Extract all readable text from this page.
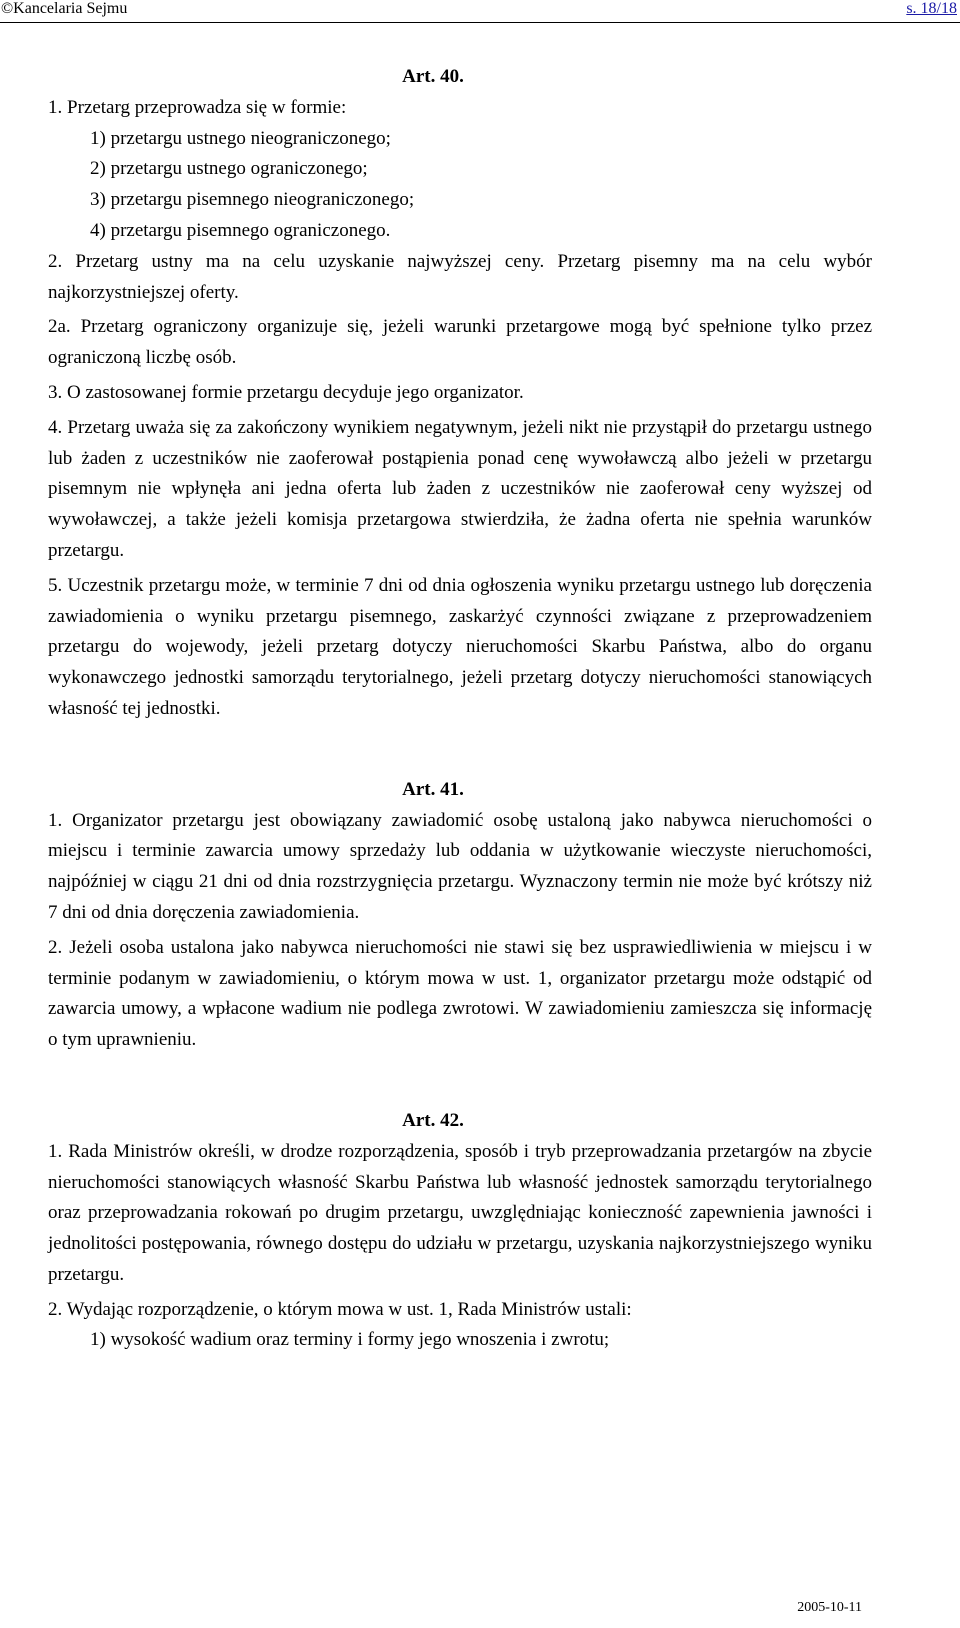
©Kancelaria Sejmu	s. 18/18
Art. 40.

1. Przetarg przeprowadza się w formie:

1) przetargu ustnego nieograniczonego;

2) przetargu ustnego ograniczonego;

3) przetargu pisemnego nieograniczonego;

4) przetargu pisemnego ograniczonego.

2. Przetarg ustny ma na celu uzyskanie najwyższej ceny. Przetarg pisemny ma na celu wybór najkorzystniejszej oferty.

2a. Przetarg ograniczony organizuje się, jeżeli warunki przetargowe mogą być spełnione tylko przez ograniczoną liczbę osób.

3. O zastosowanej formie przetargu decyduje jego organizator.

4. Przetarg uważa się za zakończony wynikiem negatywnym, jeżeli nikt nie przystąpił do przetargu ustnego lub żaden z uczestników nie zaoferował postąpienia ponad cenę wywoławczą albo jeżeli w przetargu pisemnym nie wpłynęła ani jedna oferta lub żaden z uczestników nie zaoferował ceny wyższej od wywoławczej, a także jeżeli komisja przetargowa stwierdziła, że żadna oferta nie spełnia warunków przetargu.

5. Uczestnik przetargu może, w terminie 7 dni od dnia ogłoszenia wyniku przetargu ustnego lub doręczenia zawiadomienia o wyniku przetargu pisemnego, zaskarżyć czynności związane z przeprowadzeniem przetargu do wojewody, jeżeli przetarg dotyczy nieruchomości Skarbu Państwa, albo do organu wykonawczego jednostki samorządu terytorialnego, jeżeli przetarg dotyczy nieruchomości stanowiących własność tej jednostki.

Art. 41.

1. Organizator przetargu jest obowiązany zawiadomić osobę ustaloną jako nabywca nieruchomości o miejscu i terminie zawarcia umowy sprzedaży lub oddania w użytkowanie wieczyste nieruchomości, najpóźniej w ciągu 21 dni od dnia rozstrzygnięcia przetargu. Wyznaczony termin nie może być krótszy niż 7 dni od dnia doręczenia zawiadomienia.

2. Jeżeli osoba ustalona jako nabywca nieruchomości nie stawi się bez usprawiedliwienia w miejscu i w terminie podanym w zawiadomieniu, o którym mowa w ust. 1, organizator przetargu może odstąpić od zawarcia umowy, a wpłacone wadium nie podlega zwrotowi. W zawiadomieniu zamieszcza się informację o tym uprawnieniu.

Art. 42.

1. Rada Ministrów określi, w drodze rozporządzenia, sposób i tryb przeprowadzania przetargów na zbycie nieruchomości stanowiących własność Skarbu Państwa lub własność jednostek samorządu terytorialnego oraz przeprowadzania rokowań po drugim przetargu, uwzględniając konieczność zapewnienia jawności i jednolitości postępowania, równego dostępu do udziału w przetargu, uzyskania najkorzystniejszego wyniku przetargu.

2. Wydając rozporządzenie, o którym mowa w ust. 1, Rada Ministrów ustali:

1) wysokość wadium oraz terminy i formy jego wnoszenia i zwrotu;

2005-10-11
